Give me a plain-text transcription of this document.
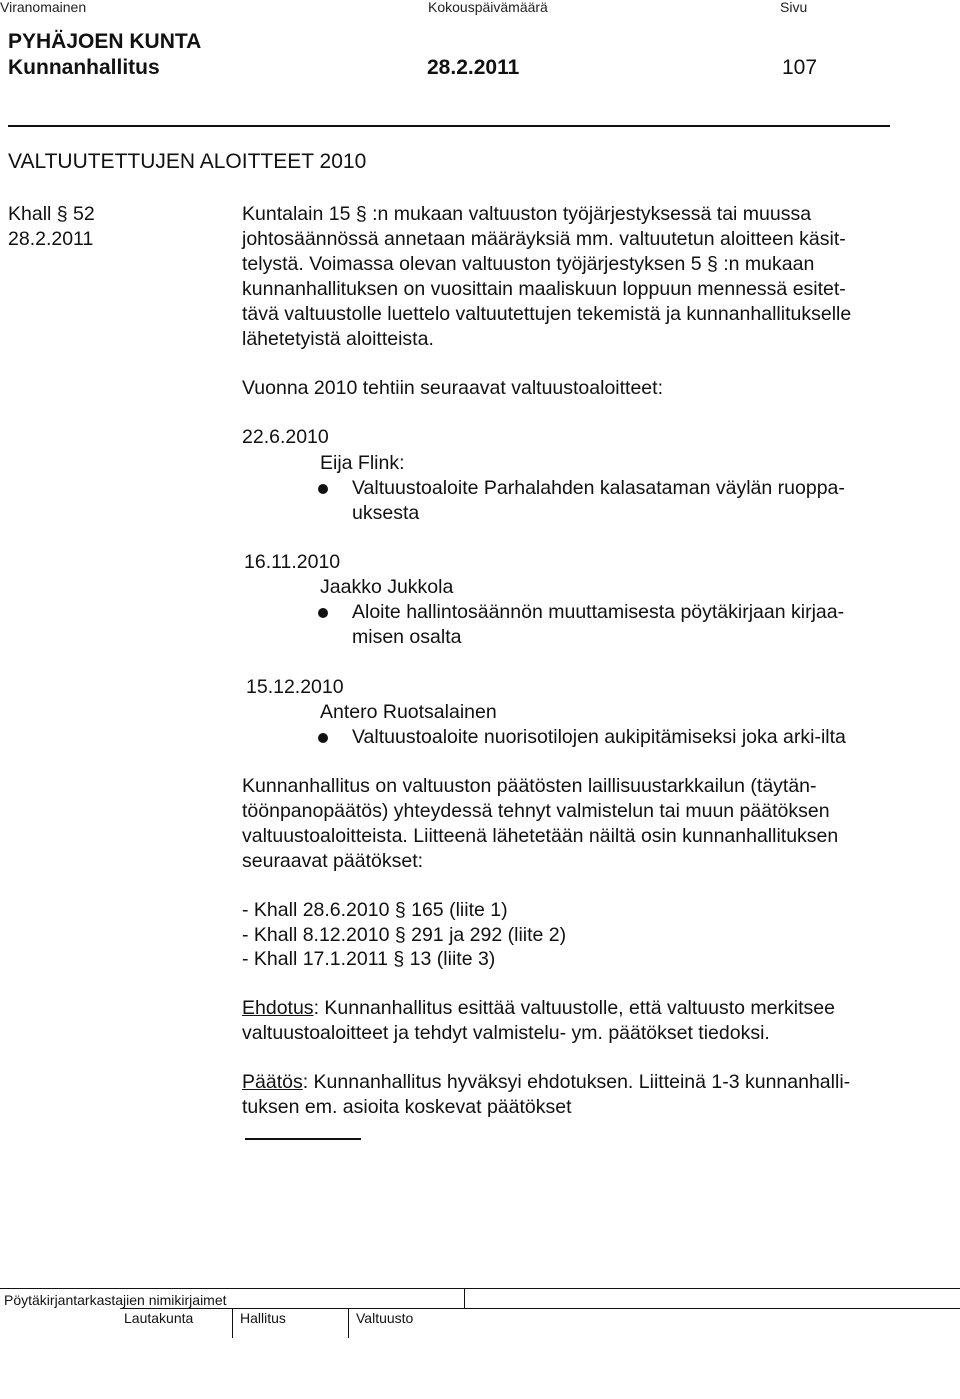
Viranomainen	Kokouspäivämäärä	Sivu
PYHÄJOEN KUNTA
Kunnanhallitus	28.2.2011	107
VALTUUTETTUJEN ALOITTEET 2010
Khall § 52
28.2.2011
Kuntalain 15 § :n mukaan valtuuston työjärjestyksessä tai muussa
johtosäännössä annetaan määräyksiä mm. valtuutetun aloitteen käsit-
telystä. Voimassa olevan valtuuston työjärjestyksen 5 § :n mukaan
kunnanhallituksen on vuosittain maaliskuun loppuun mennessä esitet-
tävä valtuustolle luettelo valtuutettujen tekemistä ja kunnanhallitukselle
lähetetyistä aloitteista.
Vuonna 2010 tehtiin seuraavat valtuustoaloitteet:
22.6.2010
Eija Flink:
Valtuustoaloite Parhalahden kalasataman väylän ruoppa-
uksesta
16.11.2010
Jaakko Jukkola
Aloite hallintosäännön muuttamisesta pöytäkirjaan kirjaa-
misen osalta
15.12.2010
Antero Ruotsalainen
Valtuustoaloite nuorisotilojen aukipitämiseksi joka arki-ilta
Kunnanhallitus on valtuuston päätösten laillisuustarkkailun (täytän-
töönpanopäätös) yhteydessä tehnyt valmistelun tai muun päätöksen
valtuustoaloitteista. Liitteenä lähetetään näiltä osin kunnanhallituksen
seuraavat päätökset:
- Khall 28.6.2010 § 165 (liite 1)
- Khall 8.12.2010 § 291 ja 292 (liite 2)
- Khall 17.1.2011 § 13 (liite 3)
Ehdotus: Kunnanhallitus esittää valtuustolle, että valtuusto merkitsee
valtuustoaloitteet ja tehdyt valmistelu- ym. päätökset tiedoksi.
Päätös: Kunnanhallitus hyväksyi ehdotuksen. Liitteinä 1-3 kunnanhalli-
tuksen em. asioita koskevat päätökset
Pöytäkirjantarkastajien nimikirjaimet
Lautakunta	Hallitus	Valtuusto
